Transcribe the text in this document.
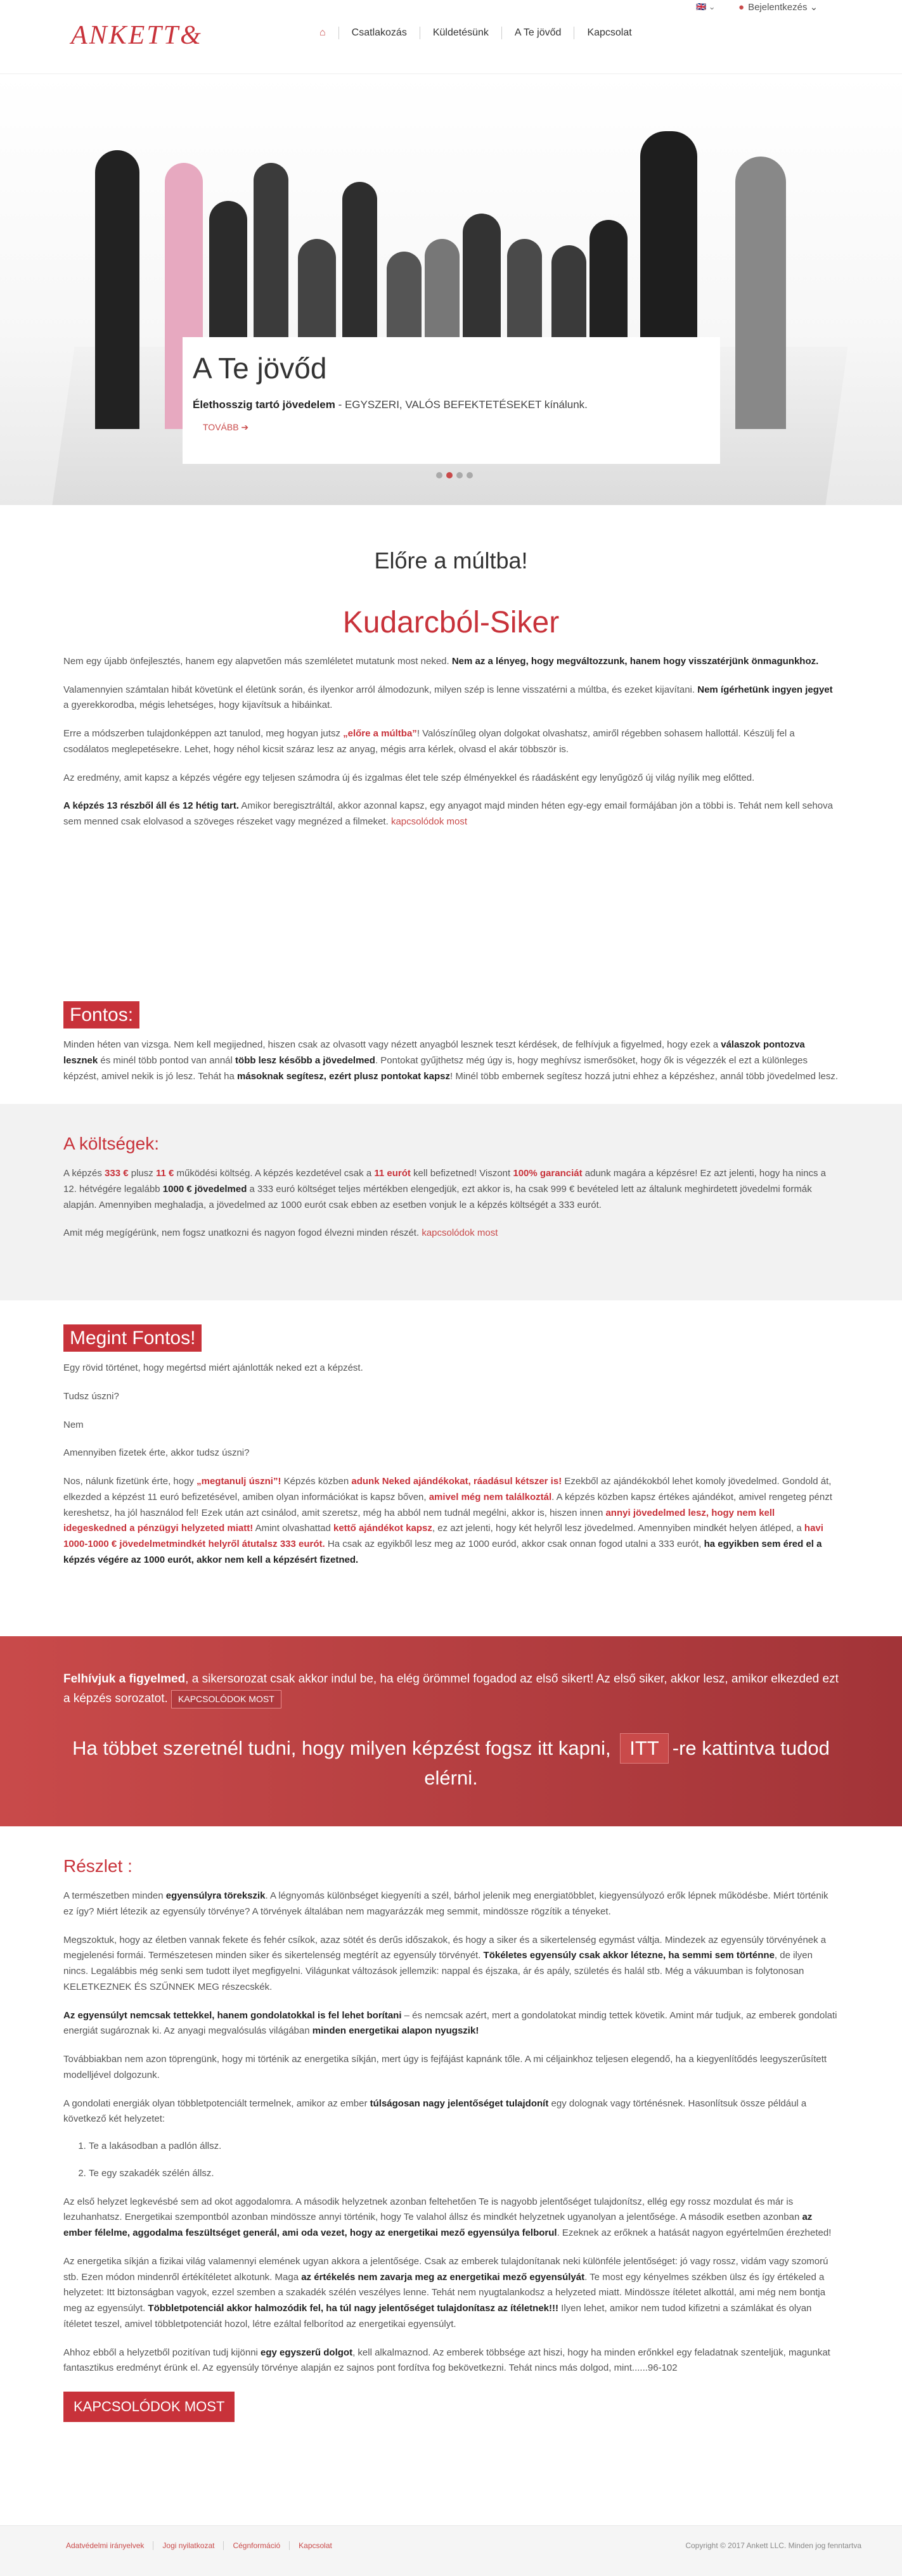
ANKETT&	⌂	Csatlakozás	Küldetésünk	A Te jövőd	Kapcsolat
🇬🇧 ⌄ ● Bejelentkezés ⌄
A Te jövőd

Élethosszig tartó jövedelem - EGYSZERI, VALÓS BEFEKTETÉSEKET kínálunk.

TOVÁBB ➔
Előre a múltba!
Kudarcból-Siker

Nem egy újabb önfejlesztés, hanem egy alapvetően más szemléletet mutatunk most neked. Nem az a lényeg, hogy megváltozzunk, hanem hogy visszatérjünk önmagunkhoz.

Valamennyien számtalan hibát követünk el életünk során, és ilyenkor arról álmodozunk, milyen szép is lenne visszatérni a múltba, és ezeket kijavítani. Nem ígérhetünk ingyen jegyet a gyerekkorodba, mégis lehetséges, hogy kijavítsuk a hibáinkat.

Erre a módszerben tulajdonképpen azt tanulod, meg hogyan jutsz „előre a múltba”! Valószínűleg olyan dolgokat olvashatsz, amiről régebben sohasem hallottál. Készülj fel a csodálatos meglepetésekre. Lehet, hogy néhol kicsit száraz lesz az anyag, mégis arra kérlek, olvasd el akár többször is.

Az eredmény, amit kapsz a képzés végére egy teljesen számodra új és izgalmas élet tele szép élményekkel és ráadásként egy lenyűgöző új világ nyílik meg előtted.

A képzés 13 részből áll és 12 hétig tart. Amikor beregisztráltál, akkor azonnal kapsz, egy anyagot majd minden héten egy-egy email formájában jön a többi is. Tehát nem kell sehova sem menned csak elolvasod a szöveges részeket vagy megnézed a filmeket. kapcsolódok most

Fontos:

Minden héten van vizsga. Nem kell megijedned, hiszen csak az olvasott vagy nézett anyagból lesznek teszt kérdések, de felhívjuk a figyelmed, hogy ezek a válaszok pontozva lesznek és minél több pontod van annál több lesz később a jövedelmed. Pontokat gyűjthetsz még úgy is, hogy meghívsz ismerősöket, hogy ők is végezzék el ezt a különleges képzést, amivel nekik is jó lesz. Tehát ha másoknak segítesz, ezért plusz pontokat kapsz! Minél több embernek segítesz hozzá jutni ehhez a képzéshez, annál több jövedelmed lesz.

A költségek:

A képzés 333 € plusz 11 € működési költség. A képzés kezdetével csak a 11 eurót kell befizetned! Viszont 100% garanciát adunk magára a képzésre! Ez azt jelenti, hogy ha nincs a 12. hétvégére legalább 1000 € jövedelmed a 333 euró költséget teljes mértékben elengedjük, ezt akkor is, ha csak 999 € bevételed lett az általunk meghirdetett jövedelmi formák alapján. Amennyiben meghaladja, a jövedelmed az 1000 eurót csak ebben az esetben vonjuk le a képzés költségét a 333 eurót.

Amit még megígérünk, nem fogsz unatkozni és nagyon fogod élvezni minden részét. kapcsolódok most

Megint Fontos!

Egy rövid történet, hogy megértsd miért ajánlották neked ezt a képzést.

Tudsz úszni?

Nem

Amennyiben fizetek érte, akkor tudsz úszni?

Nos, nálunk fizetünk érte, hogy „megtanulj úszni”! Képzés közben adunk Neked ajándékokat, ráadásul kétszer is! Ezekből az ajándékokból lehet komoly jövedelmed. Gondold át, elkezded a képzést 11 euró befizetésével, amiben olyan információkat is kapsz bőven, amivel még nem találkoztál. A képzés közben kapsz értékes ajándékot, amivel rengeteg pénzt kereshetsz, ha jól használod fel! Ezek után azt csinálod, amit szeretsz, még ha abból nem tudnál megélni, akkor is, hiszen innen annyi jövedelmed lesz, hogy nem kell idegeskedned a pénzügyi helyzeted miatt! Amint olvashattad kettő ajándékot kapsz, ez azt jelenti, hogy két helyről lesz jövedelmed. Amennyiben mindkét helyen átléped, a havi 1000-1000 € jövedelmetmindkét helyről átutalsz 333 eurót. Ha csak az egyikből lesz meg az 1000 euród, akkor csak onnan fogod utalni a 333 eurót, ha egyikben sem éred el a képzés végére az 1000 eurót, akkor nem kell a képzésért fizetned.

Felhívjuk a figyelmed, a sikersorozat csak akkor indul be, ha elég örömmel fogadod az első sikert! Az első siker, akkor lesz, amikor elkezded ezt a képzés sorozatot. KAPCSOLÓDOK MOST

Ha többet szeretnél tudni, hogy milyen képzést fogsz itt kapni, ITT -re kattintva tudod elérni.

Részlet :

A természetben minden egyensúlyra törekszik. A légnyomás különbséget kiegyeníti a szél, bárhol jelenik meg energiatöbblet, kiegyensúlyozó erők lépnek működésbe. Miért történik ez így? Miért létezik az egyensúly törvénye? A törvények általában nem magyarázzák meg semmit, mindössze rögzítik a tényeket.

Megszoktuk, hogy az életben vannak fekete és fehér csíkok, azaz sötét és derűs időszakok, és hogy a siker és a sikertelenség egymást váltja. Mindezek az egyensúly törvényének a megjelenési formái. Természetesen minden siker és sikertelenség megtérít az egyensúly törvényét. Tökéletes egyensúly csak akkor létezne, ha semmi sem történne, de ilyen nincs. Legalábbis még senki sem tudott ilyet megfigyelni. Világunkat változások jellemzik: nappal és éjszaka, ár és apály, születés és halál stb. Még a vákuumban is folytonosan KELETKEZNEK ÉS SZŰNNEK MEG részecskék.

Az egyensúlyt nemcsak tettekkel, hanem gondolatokkal is fel lehet borítani – és nemcsak azért, mert a gondolatokat mindig tettek követik. Amint már tudjuk, az emberek gondolati energiát sugároznak ki. Az anyagi megvalósulás világában minden energetikai alapon nyugszik!

Továbbiakban nem azon töprengünk, hogy mi történik az energetika síkján, mert úgy is fejfájást kapnánk tőle. A mi céljainkhoz teljesen elegendő, ha a kiegyenlítődés leegyszerűsített modelljével dolgozunk.

A gondolati energiák olyan többletpotenciált termelnek, amikor az ember túlságosan nagy jelentőséget tulajdonít egy dolognak vagy történésnek. Hasonlítsuk össze például a következő két helyzetet:

1. Te a lakásodban a padlón állsz.
2. Te egy szakadék szélén állsz.

Az első helyzet legkevésbé sem ad okot aggodalomra. A második helyzetnek azonban feltehetően Te is nagyobb jelentőséget tulajdonítsz, ellég egy rossz mozdulat és már is lezuhanhatsz. Energetikai szempontból azonban mindössze annyi történik, hogy Te valahol állsz és mindkét helyzetnek ugyanolyan a jelentősége. A második esetben azonban az ember félelme, aggodalma feszültséget generál, ami oda vezet, hogy az energetikai mező egyensúlya felborul. Ezeknek az erőknek a hatását nagyon egyértelműen érezheted!

Az energetika síkján a fizikai világ valamennyi elemének ugyan akkora a jelentősége. Csak az emberek tulajdonítanak neki különféle jelentőséget: jó vagy rossz, vidám vagy szomorú stb. Ezen módon mindenről értékítéletet alkotunk. Maga az értékelés nem zavarja meg az energetikai mező egyensúlyát. Te most egy kényelmes székben ülsz és így értékeled a helyzetet: Itt biztonságban vagyok, ezzel szemben a szakadék szélén veszélyes lenne. Tehát nem nyugtalankodsz a helyzeted miatt. Mindössze ítéletet alkottál, ami még nem bontja meg az egyensúlyt. Többletpotenciál akkor halmozódik fel, ha túl nagy jelentőséget tulajdonítasz az ítéletnek!!! Ilyen lehet, amikor nem tudod kifizetni a számlákat és olyan ítéletet teszel, amivel többletpotenciát hozol, létre ezáltal felborítod az energetikai egyensúlyt.

Ahhoz ebből a helyzetből pozitívan tudj kijönni egy egyszerű dolgot, kell alkalmaznod. Az emberek többsége azt hiszi, hogy ha minden erőnkkel egy feladatnak szenteljük, magunkat fantasztikus eredményt érünk el. Az egyensúly törvénye alapján ez sajnos pont fordítva fog bekövetkezni. Tehát nincs más dolgod, mint......96-102

KAPCSOLÓDOK MOST
Adatvédelmi irányelvek Jogi nyilatkozat Cégnformáció Kapcsolat	Copyright © 2017 Ankett LLC. Minden jog fenntartva
